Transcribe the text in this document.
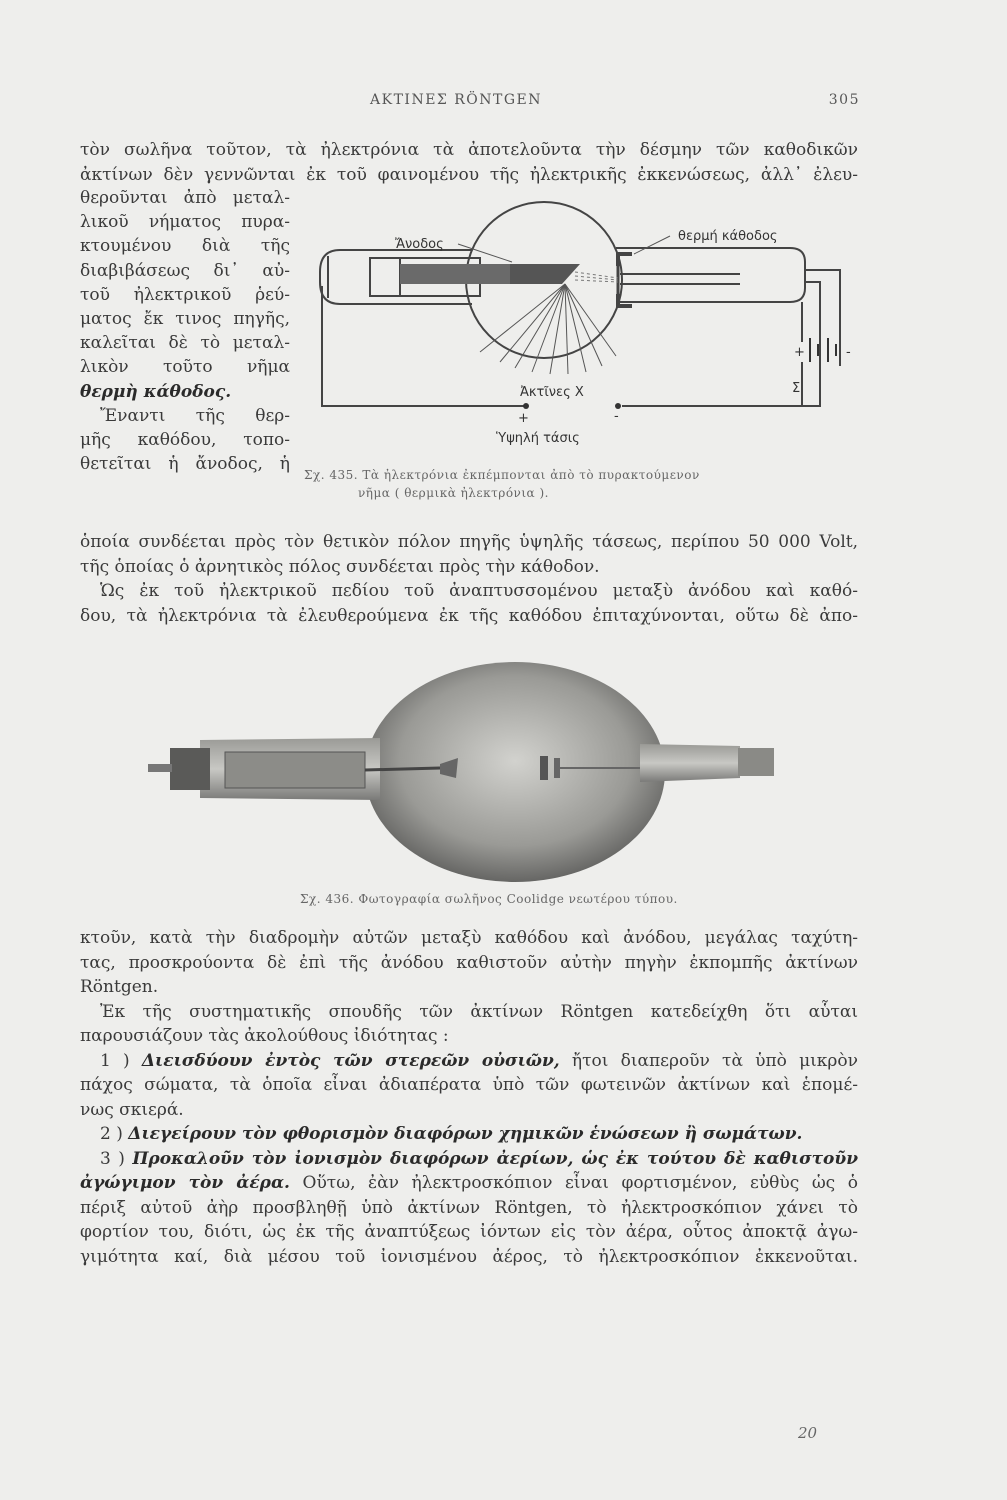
ΑΚΤΙΝΕΣ RÖNTGEN	305

τὸν σωλῆνα τοῦτον, τὰ ἠλεκτρόνια τὰ ἀποτελοῦντα τὴν δέσμην τῶν καθοδικῶν

ἀκτίνων δὲν γεννῶνται ἐκ τοῦ φαινομένου τῆς ἠλεκτρικῆς ἐκκενώσεως, ἀλλ᾽ ἐλευ-

θεροῦνται ἀπὸ μεταλ-

λικοῦ νήματος πυρα-

κτουμένου διὰ τῆς

διαβιβάσεως δι᾽ αὐ-

τοῦ ἠλεκτρικοῦ ῥεύ-

ματος ἔκ τινος πηγῆς,

καλεῖται δὲ τὸ μεταλ-

λικὸν τοῦτο νῆμα

θερμὴ κάθοδος.

Ἔναντι τῆς θερ-

μῆς καθόδου, τοπο-

θετεῖται ἡ ἄνοδος, ἡ

Ἄνοδος
θερμή κάθοδος
Ἀκτῖνες Χ
Ὑψηλή τάσις
+	-
Σ
+	-
Σχ. 435. Τὰ ἠλεκτρόνια ἐκπέμπονται ἀπὸ τὸ πυρακτούμενον
νῆμα ( θερμικὰ ἠλεκτρόνια ).

ὁποία συνδέεται πρὸς τὸν θετικὸν πόλον πηγῆς ὑψηλῆς τάσεως, περίπου 50 000 Volt,

τῆς ὁποίας ὁ ἀρνητικὸς πόλος συνδέεται πρὸς τὴν κάθοδον.

Ὡς ἐκ τοῦ ἠλεκτρικοῦ πεδίου τοῦ ἀναπτυσσομένου μεταξὺ ἀνόδου καὶ καθό-

δου, τὰ ἠλεκτρόνια τὰ ἐλευθερούμενα ἐκ τῆς καθόδου ἐπιταχύνονται, οὕτω δὲ ἀπο-

Σχ. 436. Φωτογραφία σωλῆνος Coolidge νεωτέρου τύπου.

κτοῦν, κατὰ τὴν διαδρομὴν αὐτῶν μεταξὺ καθόδου καὶ ἀνόδου, μεγάλας ταχύτη-

τας, προσκρούοντα δὲ ἐπὶ τῆς ἀνόδου καθιστοῦν αὐτὴν πηγὴν ἐκπομπῆς ἀκτίνων

Röntgen.

Ἐκ τῆς συστηματικῆς σπουδῆς τῶν ἀκτίνων Röntgen κατεδείχθη ὅτι αὗται

παρουσιάζουν τὰς ἀκολούθους ἰδιότητας :

1 ) Διεισδύουν ἐντὸς τῶν στερεῶν οὐσιῶν, ἤτοι διαπεροῦν τὰ ὑπὸ μικρὸν

πάχος σώματα, τὰ ὁποῖα εἶναι ἀδιαπέρατα ὑπὸ τῶν φωτεινῶν ἀκτίνων καὶ ἑπομέ-

νως σκιερά.

2 ) Διεγείρουν τὸν φθορισμὸν διαφόρων χημικῶν ἑνώσεων ἢ σωμάτων.

3 ) Προκαλοῦν τὸν ἰονισμὸν διαφόρων ἀερίων, ὡς ἐκ τούτου δὲ καθιστοῦν

ἀγώγιμον τὸν ἀέρα. Οὕτω, ἐὰν ἠλεκτροσκόπιον εἶναι φορτισμένον, εὐθὺς ὡς ὁ

πέριξ αὐτοῦ ἀὴρ προσβληθῇ ὑπὸ ἀκτίνων Röntgen, τὸ ἠλεκτροσκόπιον χάνει τὸ

φορτίον του, διότι, ὡς ἐκ τῆς ἀναπτύξεως ἰόντων εἰς τὸν ἀέρα, οὗτος ἀποκτᾷ ἀγω-

γιμότητα καί, διὰ μέσου τοῦ ἰονισμένου ἀέρος, τὸ ἠλεκτροσκόπιον ἐκκενοῦται.

20
